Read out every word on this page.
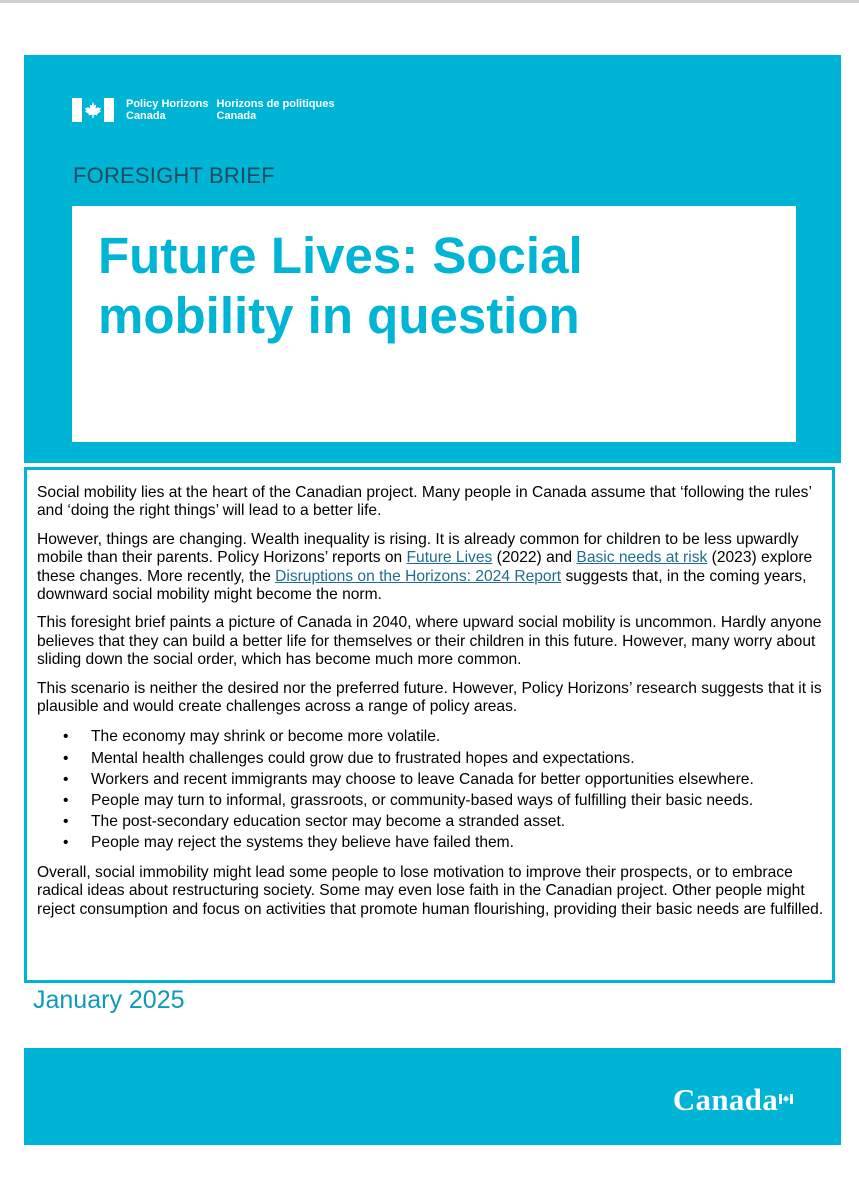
Policy Horizons
Canada
Horizons de politiques
Canada
FORESIGHT BRIEF
Future Lives: Social
mobility in question

Social mobility lies at the heart of the Canadian project. Many people in Canada assume that ‘following the rules’ and ‘doing the right things’ will lead to a better life.

However, things are changing. Wealth inequality is rising. It is already common for children to be less upwardly mobile than their parents. Policy Horizons’ reports on Future Lives (2022) and Basic needs at risk (2023) explore these changes. More recently, the Disruptions on the Horizons: 2024 Report suggests that, in the coming years, downward social mobility might become the norm.

This foresight brief paints a picture of Canada in 2040, where upward social mobility is uncommon. Hardly anyone believes that they can build a better life for themselves or their children in this future. However, many worry about sliding down the social order, which has become much more common.

This scenario is neither the desired nor the preferred future. However, Policy Horizons’ research suggests that it is plausible and would create challenges across a range of policy areas.

• The economy may shrink or become more volatile.
• Mental health challenges could grow due to frustrated hopes and expectations.
• Workers and recent immigrants may choose to leave Canada for better opportunities elsewhere.
• People may turn to informal, grassroots, or community-based ways of fulfilling their basic needs.
• The post-secondary education sector may become a stranded asset.
• People may reject the systems they believe have failed them.

Overall, social immobility might lead some people to lose motivation to improve their prospects, or to embrace radical ideas about restructuring society. Some may even lose faith in the Canadian project. Other people might reject consumption and focus on activities that promote human flourishing, providing their basic needs are fulfilled.

January 2025
Canada
